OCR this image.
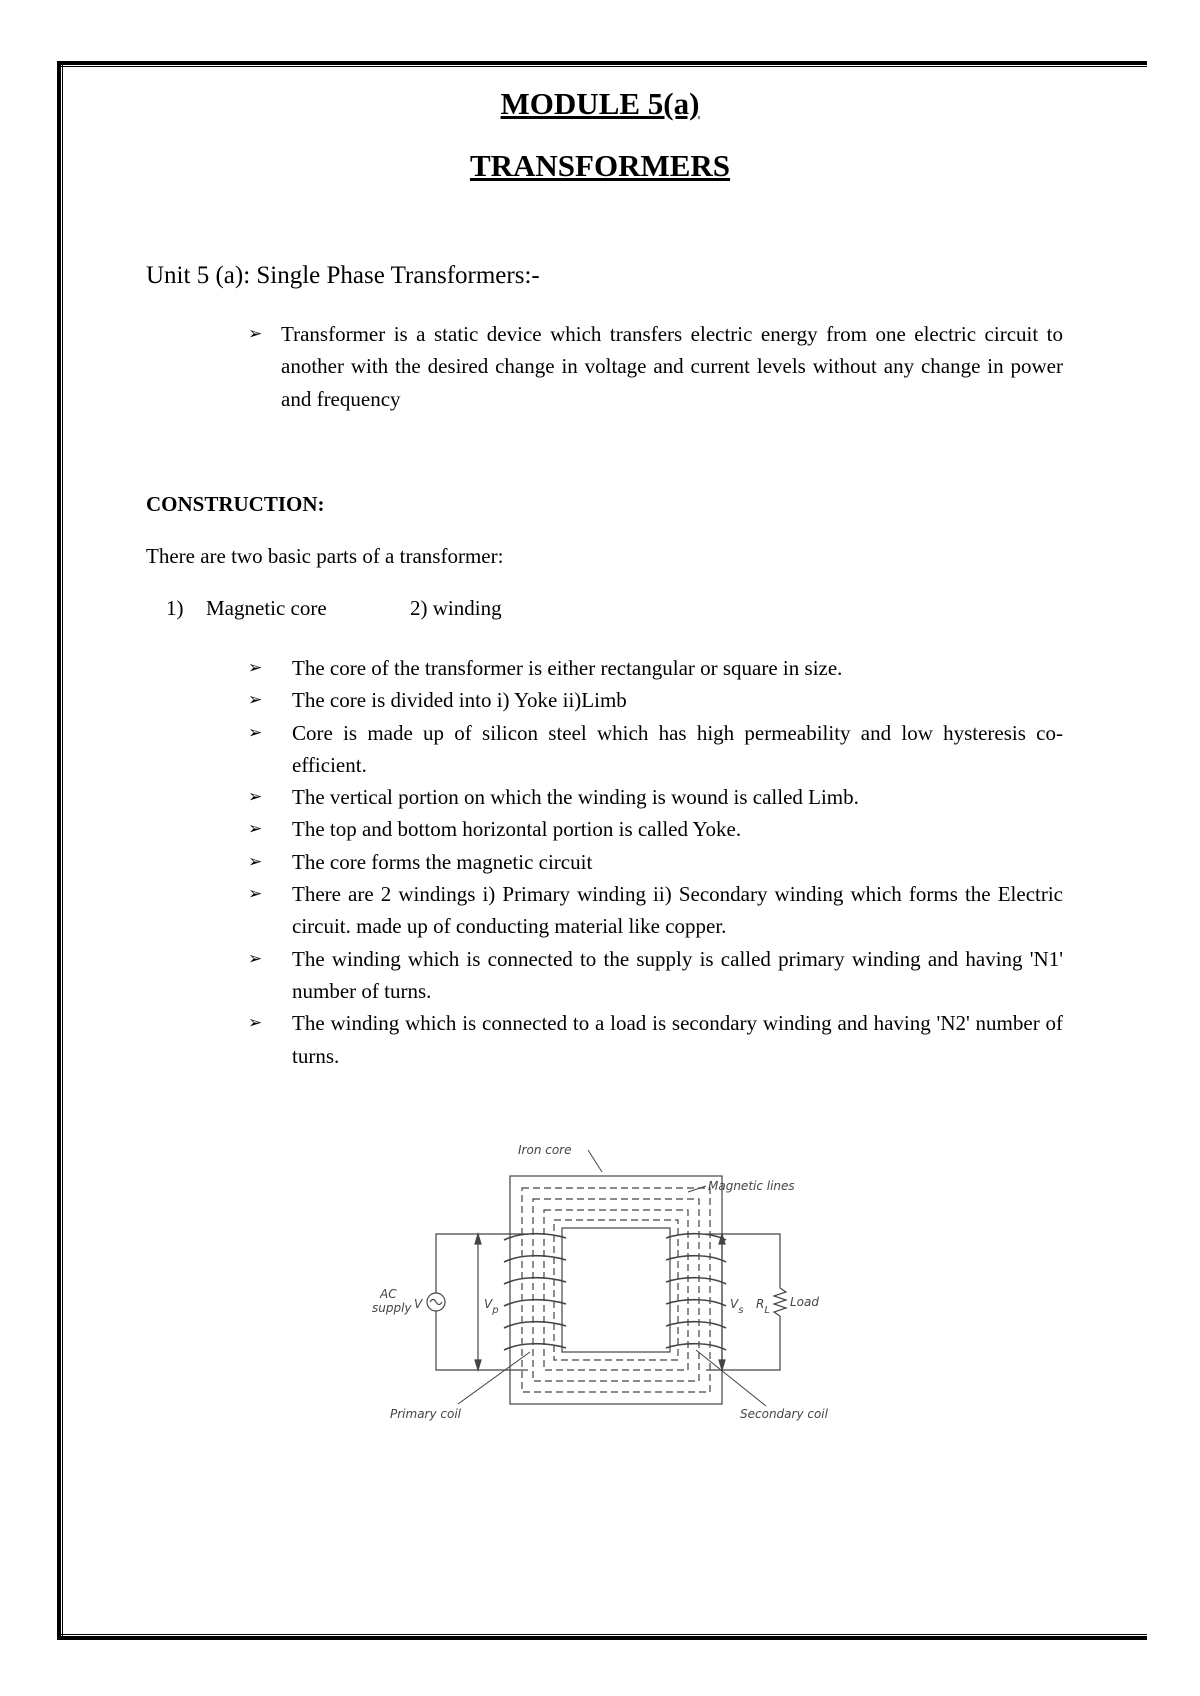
MODULE 5(a)
TRANSFORMERS
Unit 5 (a): Single Phase Transformers:-
➢ Transformer is a static device which transfers electric energy from one electric circuit to another with the desired change in voltage and current levels without any change in power and frequency
CONSTRUCTION:
There are two basic parts of a transformer:
1) Magnetic core	2) winding
➢ The core of the transformer is either rectangular or square in size.
➢ The core is divided into i) Yoke ii)Limb
➢ Core is made up of silicon steel which has high permeability and low hysteresis co-efficient.
➢ The vertical portion on which the winding is wound is called Limb.
➢ The top and bottom horizontal portion is called Yoke.
➢ The core forms the magnetic circuit
➢ There are 2 windings i) Primary winding ii) Secondary winding which forms the Electric circuit. made up of conducting material like copper.
➢ The winding which is connected to the supply is called primary winding and having 'N1' number of turns.
➢ The winding which is connected to a load is secondary winding and having 'N2' number of turns.
Iron core
Magnetic lines
AC
supply V	$V_p$	$V_s$ $R_L$
Load
Primary coil	Secondary coil
